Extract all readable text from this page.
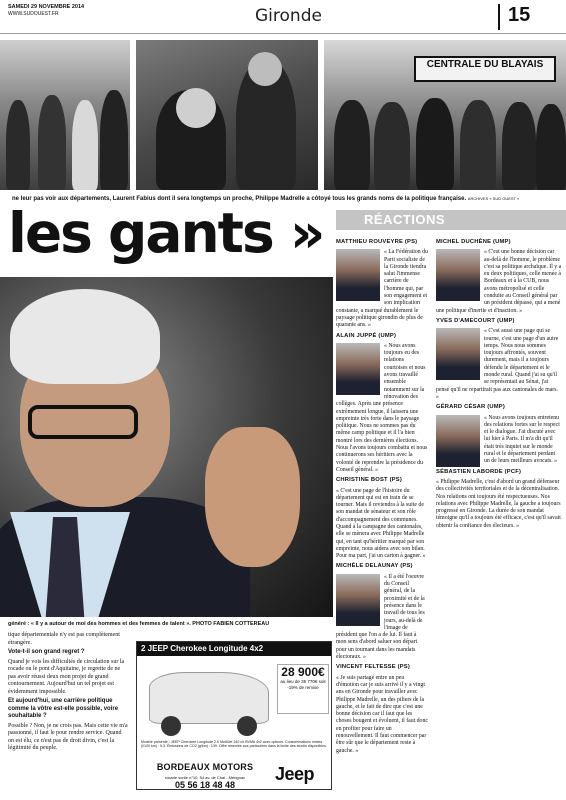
SAMEDI 29 NOVEMBRE 2014
WWW.SUDOUEST.FR	Gironde	15
CENTRALE DU BLAYAIS
ne leur pas voir aux départements, Laurent Fabius dont il sera longtemps un proche, Philippe Madrelle a côtoyé tous les grands noms de la politique française. ARCHIVES « SUD OUEST »
les gants »	RÉACTIONS
généré : « Il y a autour de moi des hommes et des femmes de talent ». PHOTO FABIEN COTTEREAU

tique départementale n'y est pas complètement étrangère.

Vote-t-il son grand regret ?

Quand je vois les difficultés de circulation sur la rocade ou le pont d'Aquitaine, je regrette de ne pas avoir réussi deux mon projet de grand contournement. Aujourd'hui un tel projet est évidemment impossible.

Et aujourd'hui, une carrière politique comme la vôtre est-elle possible, voire souhaitable ?

Possible ? Non, je ne crois pas. Mais cette vie m'a passionné, il faut le pour rendre service. Quand on est élu, ce n'est pas de droit divin, c'est la légitimité du peuple.

2 JEEP Cherokee Longitude 4x2
28 900€
au lieu de 35 770€ soit -19% de remise
Modèle présenté : JEEP Cherokee Longitude 2.0 MultiJet 140 ch BVM6 4x2 avec options. Consommations mixtes (l/100 km) : 5,3. Émissions de CO2 (g/km) : 139. Offre réservée aux particuliers dans la limite des stocks disponibles.
BORDEAUX MOTORS
rocade sortie n°10, 54 av. de Chal - Mérignac
05 56 18 48 48
Jeep
MATTHIEU ROUVEYRE (PS)

« La Fédération du Parti socialiste de la Gironde tiendra salut l'immense carrière de l'homme qui, par son engagement et son implication constante, a marqué durablement le paysage politique girondin de plus de quarante ans. »

ALAIN JUPPÉ (UMP)

« Nous avons toujours eu des relations courtoises et nous avons travaillé ensemble notamment sur la rénovation des collèges. Après une présence extrêmement longue, il laissera une empreinte très forte dans le paysage politique. Nous ne sommes pas du même camp politique et il l'a bien montré lors des dernières élections. Nous l'avons toujours combattu et nous continuerons ses héritiers avec la volonté de reprendre la présidence du Conseil général. »

CHRISTINE BOST (PS)

« C'est une page de l'histoire du département qui est en train de se tourner. Mais il reviendra à la suite de son mandat de sénateur et son rôle d'accompagnement des communes. Quand à la campagne des cantonales, elle se mènera avec Philippe Madrelle qui, en tant qu'héritier marqué par son empreinte, nous aidera avec son bilan. Pour ma part, j'ai un carton à gagner. »

MICHÈLE DELAUNAY (PS)

« Il a été l'oeuvre du Conseil général, de la proximité et de la présence dans le travail de tous les jours, au-delà de l'image de président que l'on a de lui. Il faut à mon sens d'abord saluer son départ pour un tournant dans les mandats électoraux. »

VINCENT FELTESSE (PS)

« Je suis partagé entre un peu d'émotion car je suis arrivé il y a vingt ans en Gironde pour travailler avec Philippe Madrelle, un des piliers de la gauche, et le fait de dire que c'est une bonne décision car il faut que les choses bougent et évoluent, il faut donc en profiter pour faire un renouvellement. Il faut commencer par être sûr que le département reste à gauche. »

MICHEL DUCHÈNE (UMP)

« C'est une bonne décision car au-delà de l'homme, le problème c'est sa politique archaïque. Il y a eu deux politiques, celle menée à Bordeaux et à la CUB, nous avons métropolisé et celle conduite au Conseil général par un président dépassé, qui a mené une politique d'inertie et d'inaction. »

YVES D'AMECOURT (UMP)

« C'est aussi une page qui se tourne, c'est une page d'un autre temps. Nous nous sommes toujours affrontés, souvent durement, mais il a toujours défendu le département et le monde rural. Quand j'ai su qu'il se représentait au Sénat, j'ai pensé qu'il ne repartirait pas aux cantonales de mars. »

GÉRARD CÉSAR (UMP)

« Nous avons toujours entretenu des relations fortes sur le respect et le dialogue. J'ai discuté avec lui hier à Paris. Il m'a dit qu'il était très inquiet sur le monde rural et le département perdant un de leurs meilleurs avocats. »

SÉBASTIEN LABORDE (PCF)

« Philippe Madrelle, c'est d'abord un grand défenseur des collectivités territoriales et de la décentralisation. Nos relations ont toujours été respectueuses. Nos relations avec Philippe Madrelle, la gauche a toujours progressé en Gironde. La durée de son mandat témoigne qu'il a toujours été efficace, c'est qu'il savait obtenir la confiance des électeurs. »
